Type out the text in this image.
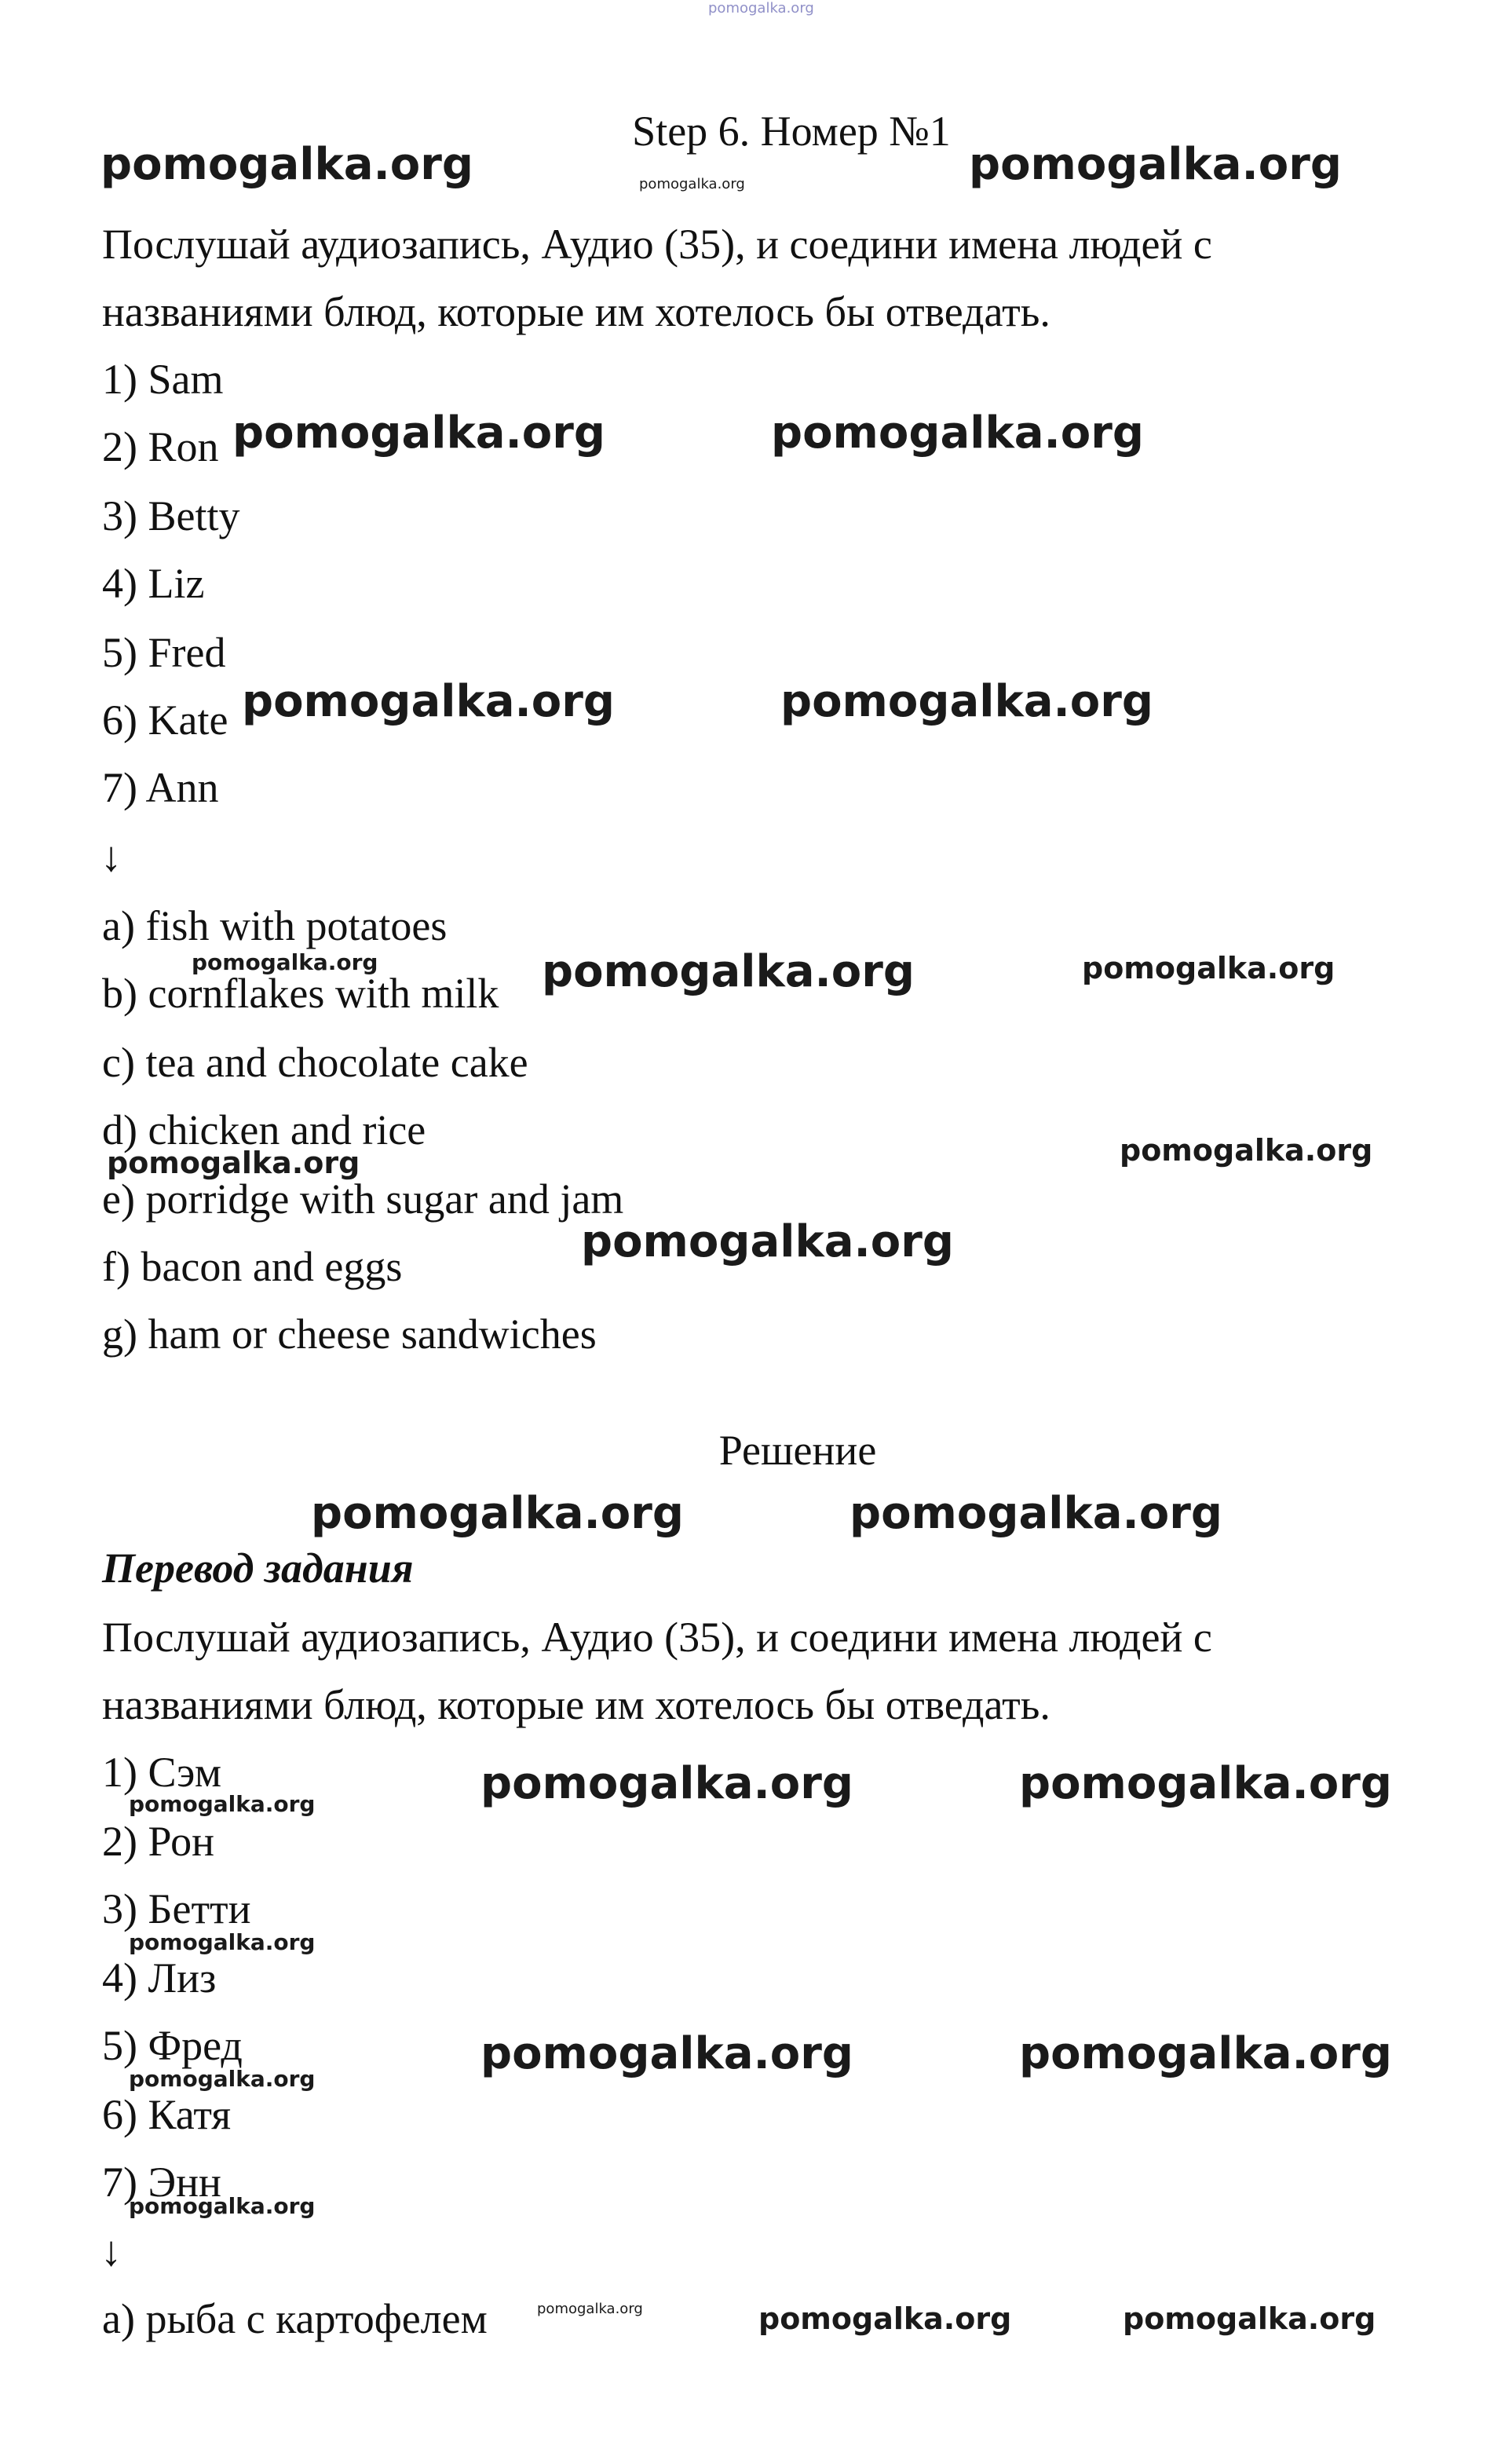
pomogalka.org
Step 6. Номер №1
pomogalka.org	pomogalka.org	pomogalka.org
Послушай аудиозапись, Аудио (35), и соедини имена людей с
названиями блюд, которые им хотелось бы отведать.
1) Sam
2) Ron
3) Betty
4) Liz
5) Fred
6) Kate
7) Ann
pomogalka.org	pomogalka.org
pomogalka.org	pomogalka.org
↓
a) fish with potatoes
b) cornflakes with milk
c) tea and chocolate cake
d) chicken and rice
e) porridge with sugar and jam
f) bacon and eggs
g) ham or cheese sandwiches
pomogalka.org	pomogalka.org	pomogalka.org
pomogalka.org	pomogalka.org
pomogalka.org
Решение
pomogalka.org	pomogalka.org
Перевод задания
Послушай аудиозапись, Аудио (35), и соедини имена людей с
названиями блюд, которые им хотелось бы отведать.
1) Сэм
2) Рон
3) Бетти
4) Лиз
5) Фред
6) Катя
7) Энн
pomogalka.org
pomogalka.org
pomogalka.org
pomogalka.org
pomogalka.org	pomogalka.org
pomogalka.org	pomogalka.org
↓
a) рыба с картофелем	pomogalka.org	pomogalka.org	pomogalka.org
